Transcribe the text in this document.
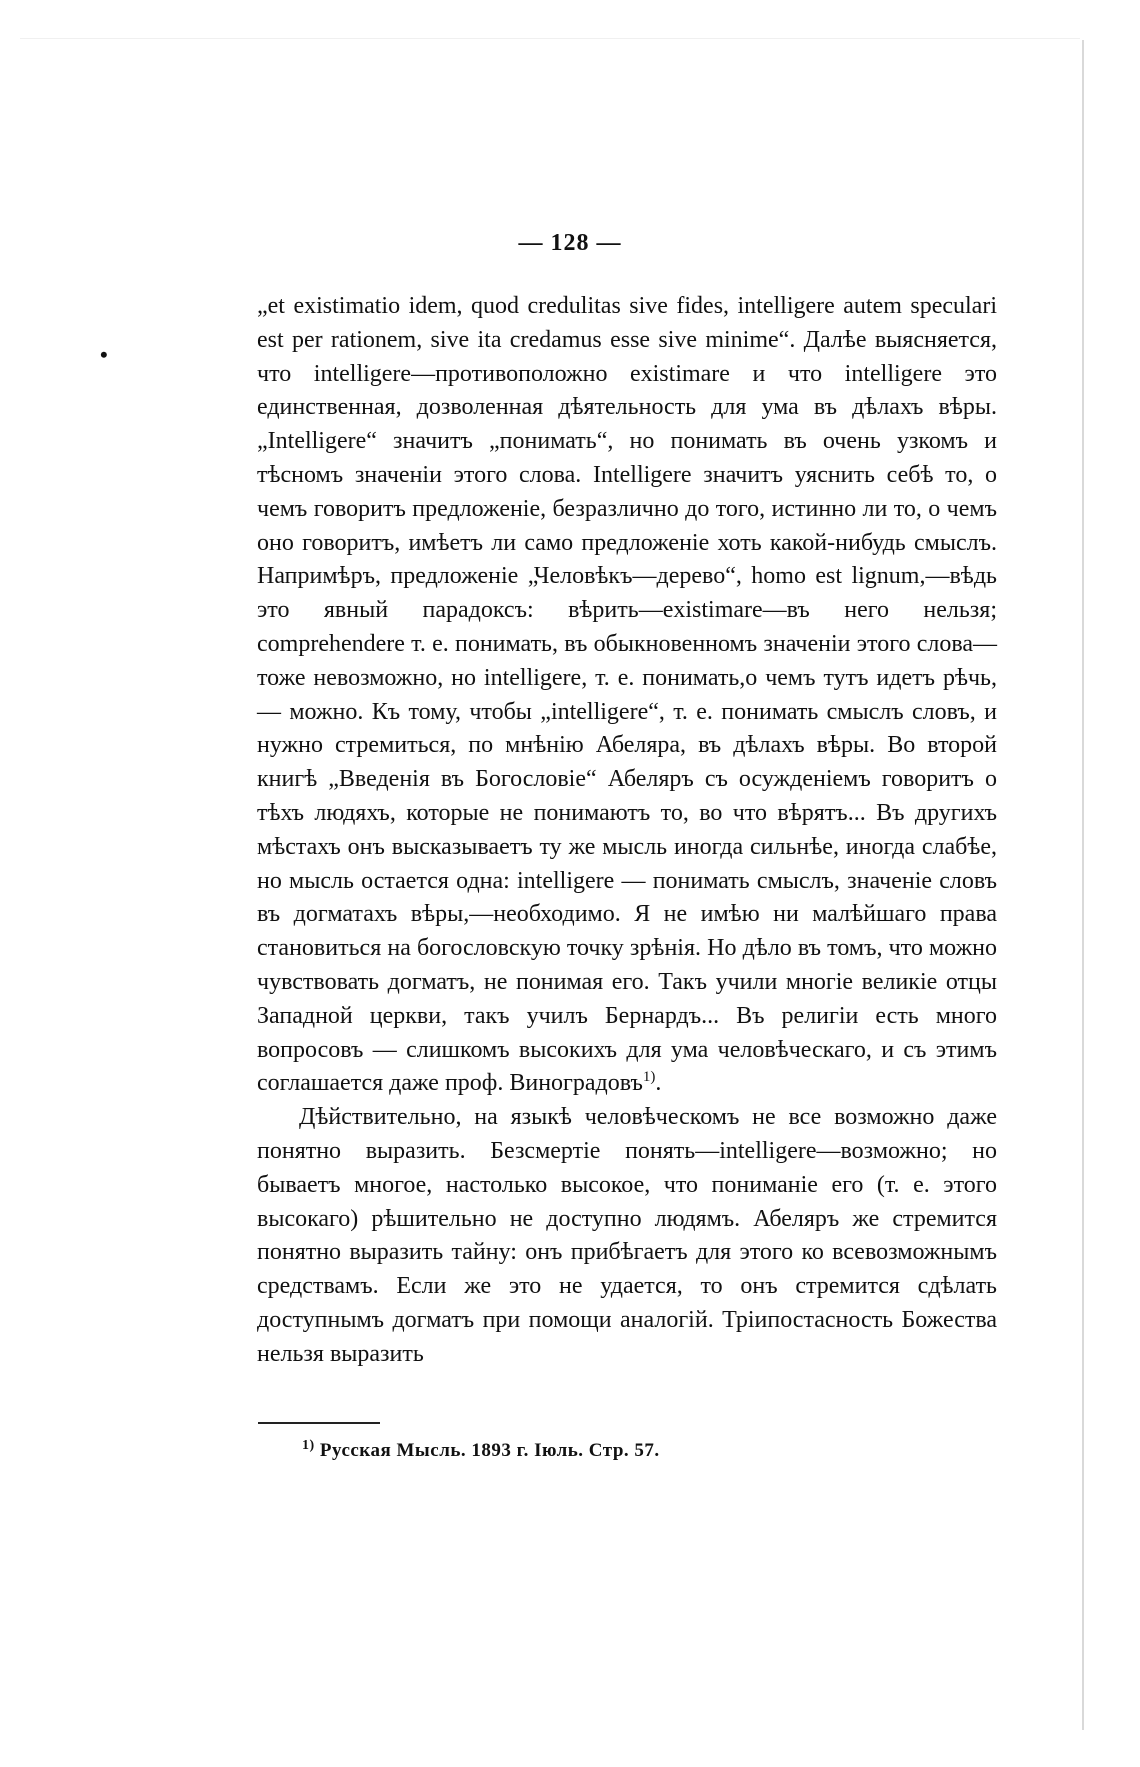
— 128 —
•

„et existimatio idem, quod credulitas sive fides, intelligere autem speculari est per rationem, sive ita credamus esse sive minime“. Далѣе выясняется, что intelligere—противоположно existimare и что intelligere это единственная, дозволенная дѣятельность для ума въ дѣлахъ вѣры. „Intelligere“ значитъ „понимать“, но понимать въ очень узкомъ и тѣсномъ значеніи этого слова. Intelligere значитъ уяснить себѣ то, о чемъ говоритъ предложеніе, безразлично до того, истинно ли то, о чемъ оно говоритъ, имѣетъ ли само предложеніе хоть какой-нибудь смыслъ. Напримѣръ, предложеніе „Человѣкъ—дерево“, homo est lignum,—вѣдь это явный парадоксъ: вѣрить—existimare—въ него нельзя; comprehendere т. е. понимать, въ обыкновенномъ значеніи этого слова—тоже невозможно, но intelligere, т. е. понимать,о чемъ тутъ идетъ рѣчь,— можно. Къ тому, чтобы „intelligere“, т. е. понимать смыслъ словъ, и нужно стремиться, по мнѣнію Абеляра, въ дѣлахъ вѣры. Во второй книгѣ „Введенія въ Богословіе“ Абеляръ съ осужденіемъ говоритъ о тѣхъ людяхъ, которые не понимаютъ то, во что вѣрятъ... Въ другихъ мѣстахъ онъ высказываетъ ту же мысль иногда сильнѣе, иногда слабѣе, но мысль остается одна: intelligere — понимать смыслъ, значеніе словъ въ догматахъ вѣры,—необходимо. Я не имѣю ни малѣйшаго права становиться на богословскую точку зрѣнія. Но дѣло въ томъ, что можно чувствовать догматъ, не понимая его. Такъ учили многіе великіе отцы Западной церкви, такъ училъ Бернардъ... Въ религіи есть много вопросовъ — слишкомъ высокихъ для ума человѣческаго, и съ этимъ соглашается даже проф. Виноградовъ$^{1)}$.

Дѣйствительно, на языкѣ человѣческомъ не все возможно даже понятно выразить. Безсмертіе понять—intelligere—возможно; но бываетъ многое, настолько высокое, что пониманіе его (т. е. этого высокаго) рѣшительно не доступно людямъ. Абеляръ же стремится понятно выразить тайну: онъ прибѣгаетъ для этого ко всевозможнымъ средствамъ. Если же это не удается, то онъ стремится сдѣлать доступнымъ догматъ при помощи аналогій. Тріипостасность Божества нельзя выразить

$^{1)}$ Русская Мысль. 1893 г. Іюль. Стр. 57.
